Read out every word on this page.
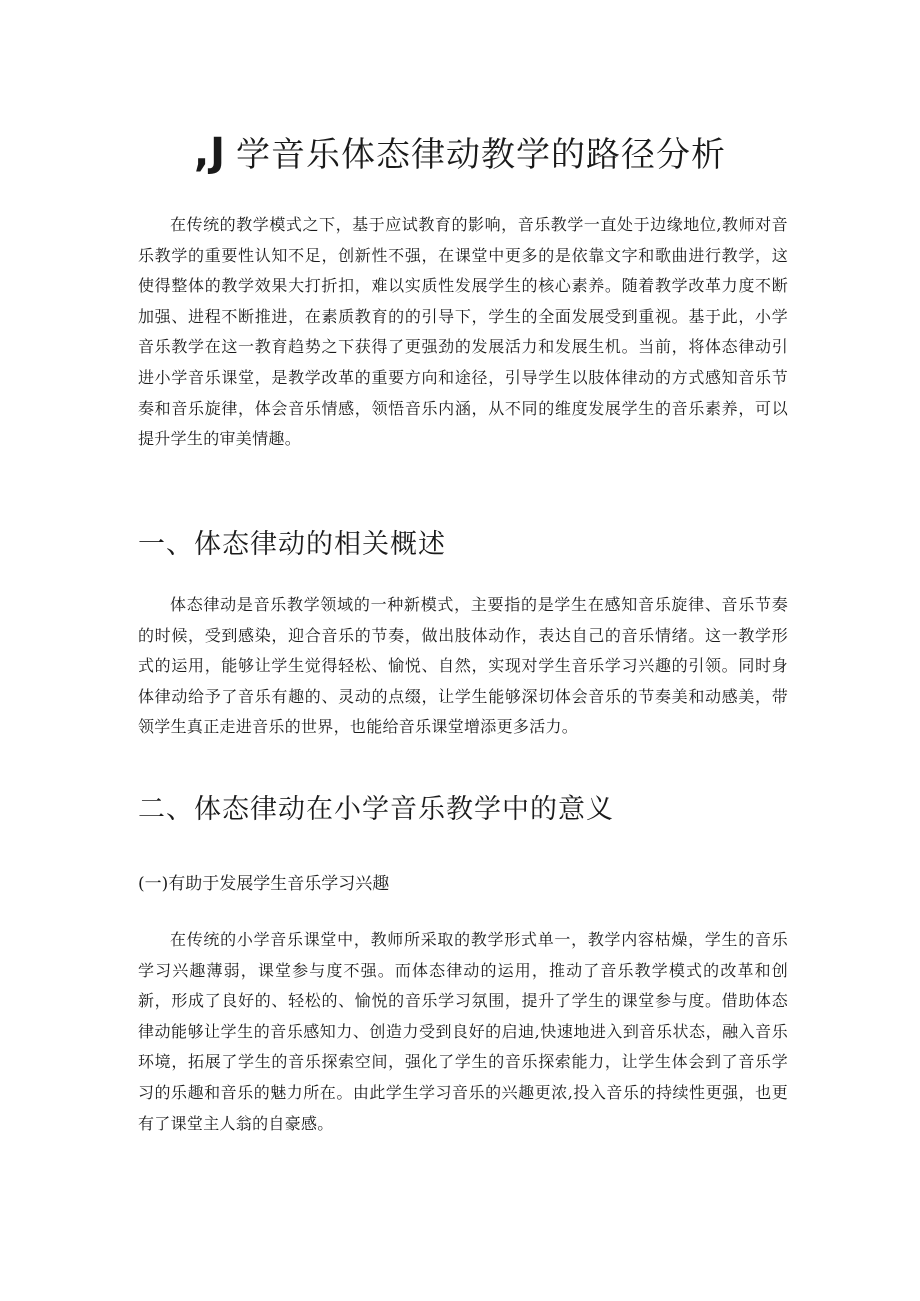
,J 学音乐体态律动教学的路径分析

在传统的教学模式之下，基于应试教育的影响，音乐教学一直处于边缘地位,教师对音乐教学的重要性认知不足，创新性不强，在课堂中更多的是依靠文字和歌曲进行教学，这使得整体的教学效果大打折扣，难以实质性发展学生的核心素养。随着教学改革力度不断加强、进程不断推进，在素质教育的的引导下，学生的全面发展受到重视。基于此，小学音乐教学在这一教育趋势之下获得了更强劲的发展活力和发展生机。当前，将体态律动引进小学音乐课堂，是教学改革的重要方向和途径，引导学生以肢体律动的方式感知音乐节奏和音乐旋律，体会音乐情感，领悟音乐内涵，从不同的维度发展学生的音乐素养，可以提升学生的审美情趣。

一、体态律动的相关概述

体态律动是音乐教学领域的一种新模式，主要指的是学生在感知音乐旋律、音乐节奏的时候，受到感染，迎合音乐的节奏，做出肢体动作，表达自己的音乐情绪。这一教学形式的运用，能够让学生觉得轻松、愉悦、自然，实现对学生音乐学习兴趣的引领。同时身体律动给予了音乐有趣的、灵动的点缀，让学生能够深切体会音乐的节奏美和动感美，带领学生真正走进音乐的世界，也能给音乐课堂增添更多活力。

二、体态律动在小学音乐教学中的意义
(一)有助于发展学生音乐学习兴趣

在传统的小学音乐课堂中，教师所采取的教学形式单一，教学内容枯燥，学生的音乐学习兴趣薄弱，课堂参与度不强。而体态律动的运用，推动了音乐教学模式的改革和创新，形成了良好的、轻松的、愉悦的音乐学习氛围，提升了学生的课堂参与度。借助体态律动能够让学生的音乐感知力、创造力受到良好的启迪,快速地进入到音乐状态，融入音乐环境，拓展了学生的音乐探索空间，强化了学生的音乐探索能力，让学生体会到了音乐学习的乐趣和音乐的魅力所在。由此学生学习音乐的兴趣更浓,投入音乐的持续性更强，也更有了课堂主人翁的自豪感。
